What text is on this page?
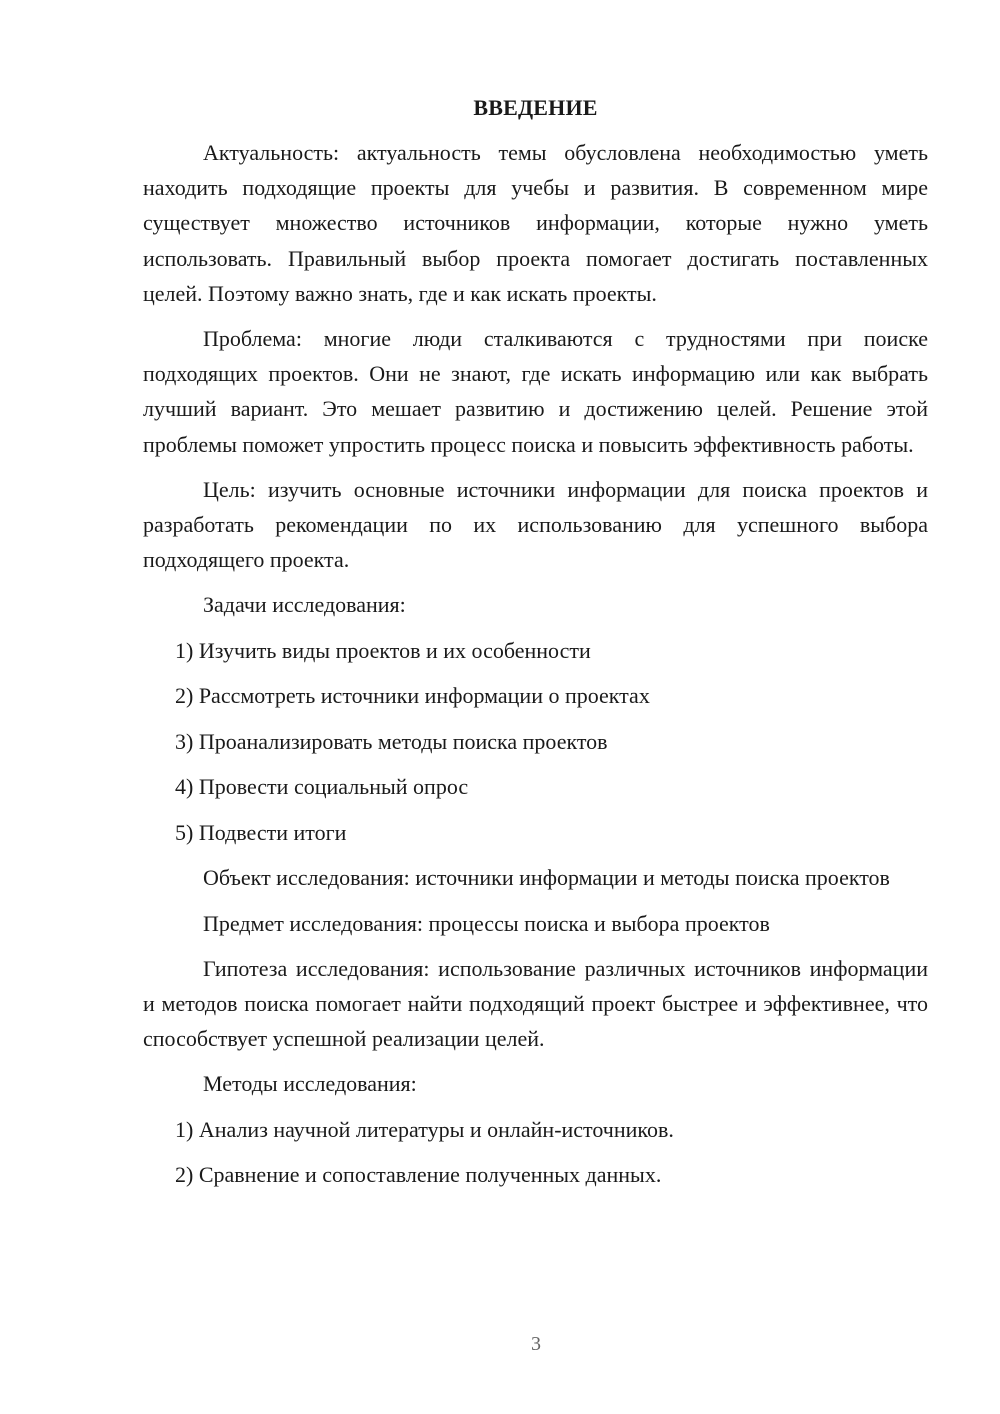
ВВЕДЕНИЕ

Актуальность: актуальность темы обусловлена необходимостью уметь находить подходящие проекты для учебы и развития. В современном мире существует множество источников информации, которые нужно уметь использовать. Правильный выбор проекта помогает достигать поставленных целей. Поэтому важно знать, где и как искать проекты.

Проблема: многие люди сталкиваются с трудностями при поиске подходящих проектов. Они не знают, где искать информацию или как выбрать лучший вариант. Это мешает развитию и достижению целей. Решение этой проблемы поможет упростить процесс поиска и повысить эффективность работы.

Цель: изучить основные источники информации для поиска проектов и разработать рекомендации по их использованию для успешного выбора подходящего проекта.

Задачи исследования:

1) Изучить виды проектов и их особенности

2) Рассмотреть источники информации о проектах

3) Проанализировать методы поиска проектов

4) Провести социальный опрос

5) Подвести итоги

Объект исследования: источники информации и методы поиска проектов

Предмет исследования: процессы поиска и выбора проектов

Гипотеза исследования: использование различных источников информации и методов поиска помогает найти подходящий проект быстрее и эффективнее, что способствует успешной реализации целей.

Методы исследования:

1) Анализ научной литературы и онлайн-источников.

2) Сравнение и сопоставление полученных данных.

3
